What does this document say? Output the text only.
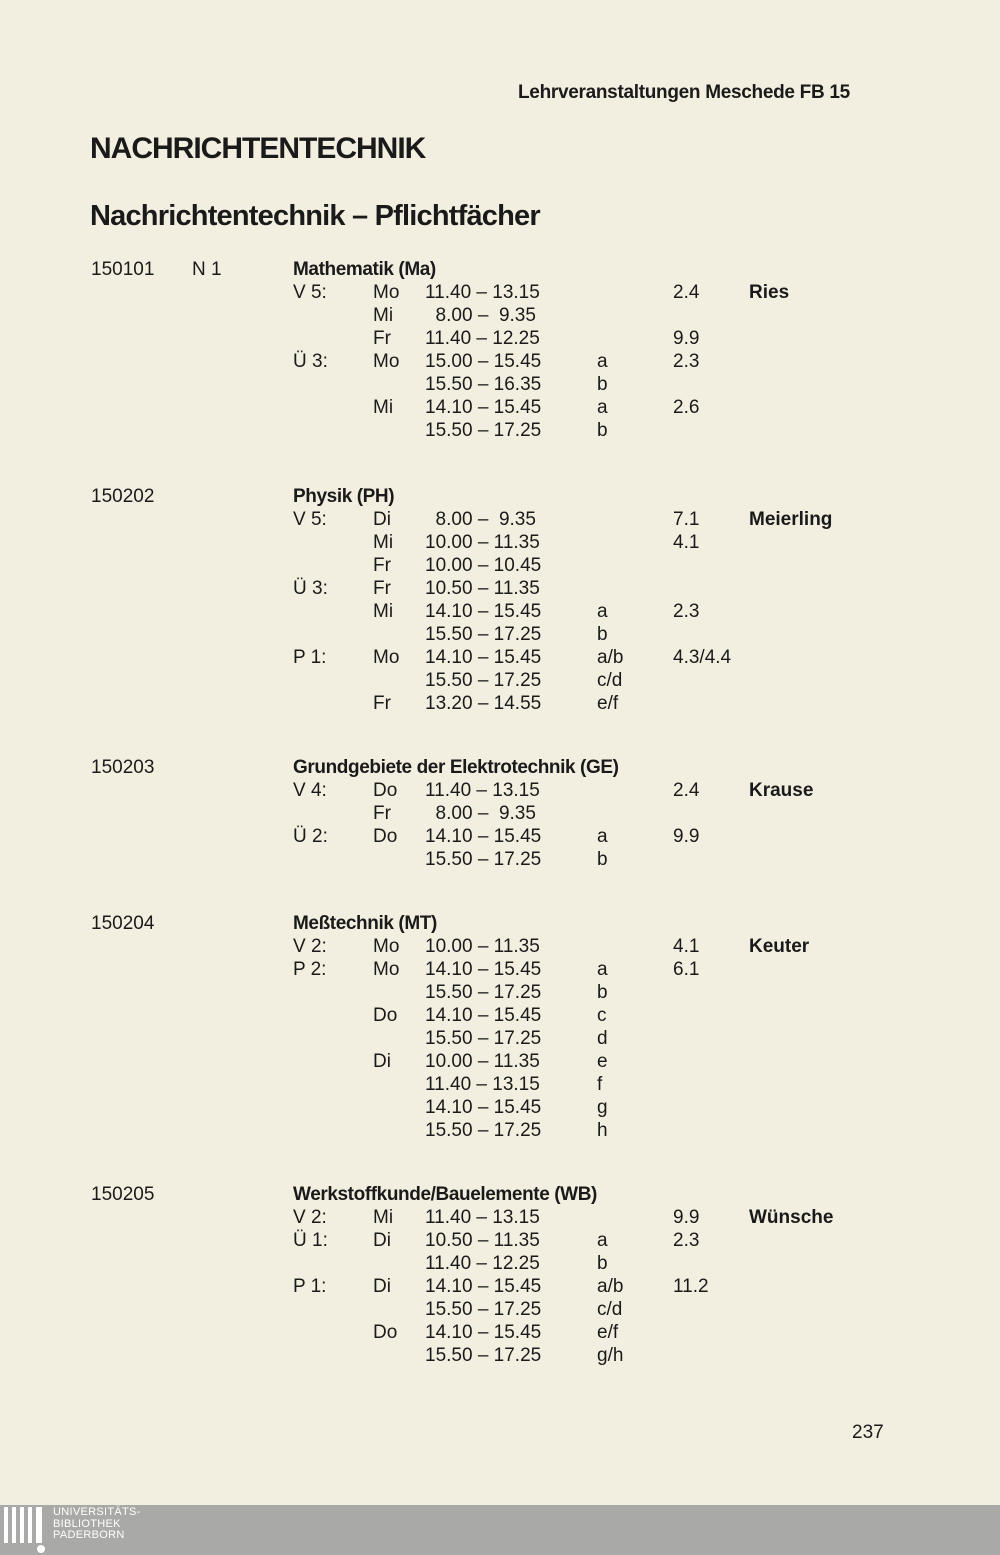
Lehrveranstaltungen Meschede FB 15
NACHRICHTENTECHNIK
Nachrichtentechnik – Pflichtfächer
150101 N 1	Mathematik (Ma)
V 5: Mo 11.40 – 13.15	2.4	Ries
Mi 8.00 –  9.35
Fr 11.40 – 12.25	9.9
Ü 3: Mo 15.00 – 15.45	a	2.3
15.50 – 16.35	b
Mi 14.10 – 15.45	a	2.6
15.50 – 17.25	b
150202	Physik (PH)
V 5: Di 8.00 –  9.35	7.1	Meierling
Mi 10.00 – 11.35	4.1
Fr 10.00 – 10.45
Ü 3: Fr 10.50 – 11.35
Mi 14.10 – 15.45	a	2.3
15.50 – 17.25	b
P 1: Mo 14.10 – 15.45	a/b	4.3/4.4
15.50 – 17.25	c/d
Fr 13.20 – 14.55	e/f
150203	Grundgebiete der Elektrotechnik (GE)
V 4: Do 11.40 – 13.15	2.4	Krause
Fr 8.00 –  9.35
Ü 2: Do 14.10 – 15.45	a	9.9
15.50 – 17.25	b
150204	Meßtechnik (MT)
V 2: Mo 10.00 – 11.35	4.1	Keuter
P 2: Mo 14.10 – 15.45	a	6.1
15.50 – 17.25	b
Do 14.10 – 15.45	c
15.50 – 17.25	d
Di 10.00 – 11.35	e
11.40 – 13.15	f
14.10 – 15.45	g
15.50 – 17.25	h
150205	Werkstoffkunde/Bauelemente (WB)
V 2: Mi 11.40 – 13.15	9.9	Wünsche
Ü 1: Di 10.50 – 11.35	a	2.3
11.40 – 12.25	b
P 1: Di 14.10 – 15.45	a/b	11.2
15.50 – 17.25	c/d
Do 14.10 – 15.45	e/f
15.50 – 17.25	g/h
237
UNIVERSITÄTS-
BIBLIOTHEK
PADERBORN
